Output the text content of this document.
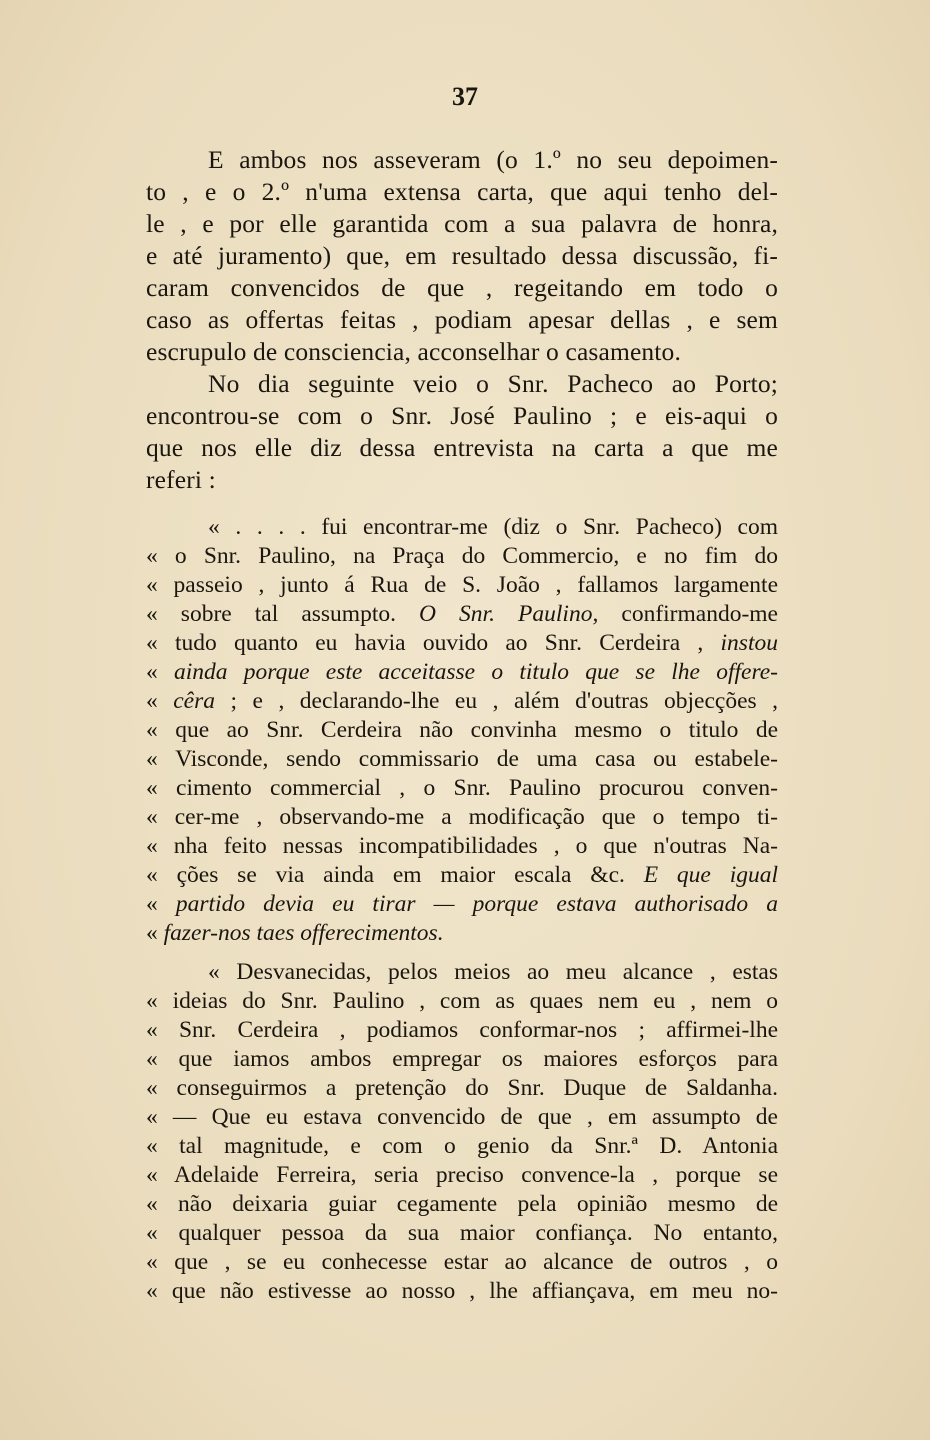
37
E ambos nos asseveram (o 1.º no seu depoimen-
to , e o 2.º n'uma extensa carta, que aqui tenho del-
le , e por elle garantida com a sua palavra de honra,
e até juramento) que, em resultado dessa discussão, fi-
caram convencidos de que , regeitando em todo o
caso as offertas feitas , podiam apesar dellas , e sem
escrupulo de consciencia, acconselhar o casamento.
No dia seguinte veio o Snr. Pacheco ao Porto;
encontrou-se com o Snr. José Paulino ; e eis-aqui o
que nos elle diz dessa entrevista na carta a que me
referi :
« . . . . fui encontrar-me (diz o Snr. Pacheco) com
« o Snr. Paulino, na Praça do Commercio, e no fim do
« passeio , junto á Rua de S. João , fallamos largamente
« sobre tal assumpto. O Snr. Paulino, confirmando-me
« tudo quanto eu havia ouvido ao Snr. Cerdeira , instou
« ainda porque este acceitasse o titulo que se lhe offere-
« cêra ; e , declarando-lhe eu , além d'outras objecções ,
« que ao Snr. Cerdeira não convinha mesmo o titulo de
« Visconde, sendo commissario de uma casa ou estabele-
« cimento commercial , o Snr. Paulino procurou conven-
« cer-me , observando-me a modificação que o tempo ti-
« nha feito nessas incompatibilidades , o que n'outras Na-
« ções se via ainda em maior escala &c. E que igual
« partido devia eu tirar — porque estava authorisado a
« fazer-nos taes offerecimentos.
« Desvanecidas, pelos meios ao meu alcance , estas
« ideias do Snr. Paulino , com as quaes nem eu , nem o
« Snr. Cerdeira , podiamos conformar-nos ; affirmei-lhe
« que iamos ambos empregar os maiores esforços para
« conseguirmos a pretenção do Snr. Duque de Saldanha.
« — Que eu estava convencido de que , em assumpto de
« tal magnitude, e com o genio da Snr.ª D. Antonia
« Adelaide Ferreira, seria preciso convence-la , porque se
« não deixaria guiar cegamente pela opinião mesmo de
« qualquer pessoa da sua maior confiança. No entanto,
« que , se eu conhecesse estar ao alcance de outros , o
« que não estivesse ao nosso , lhe affiançava, em meu no-
